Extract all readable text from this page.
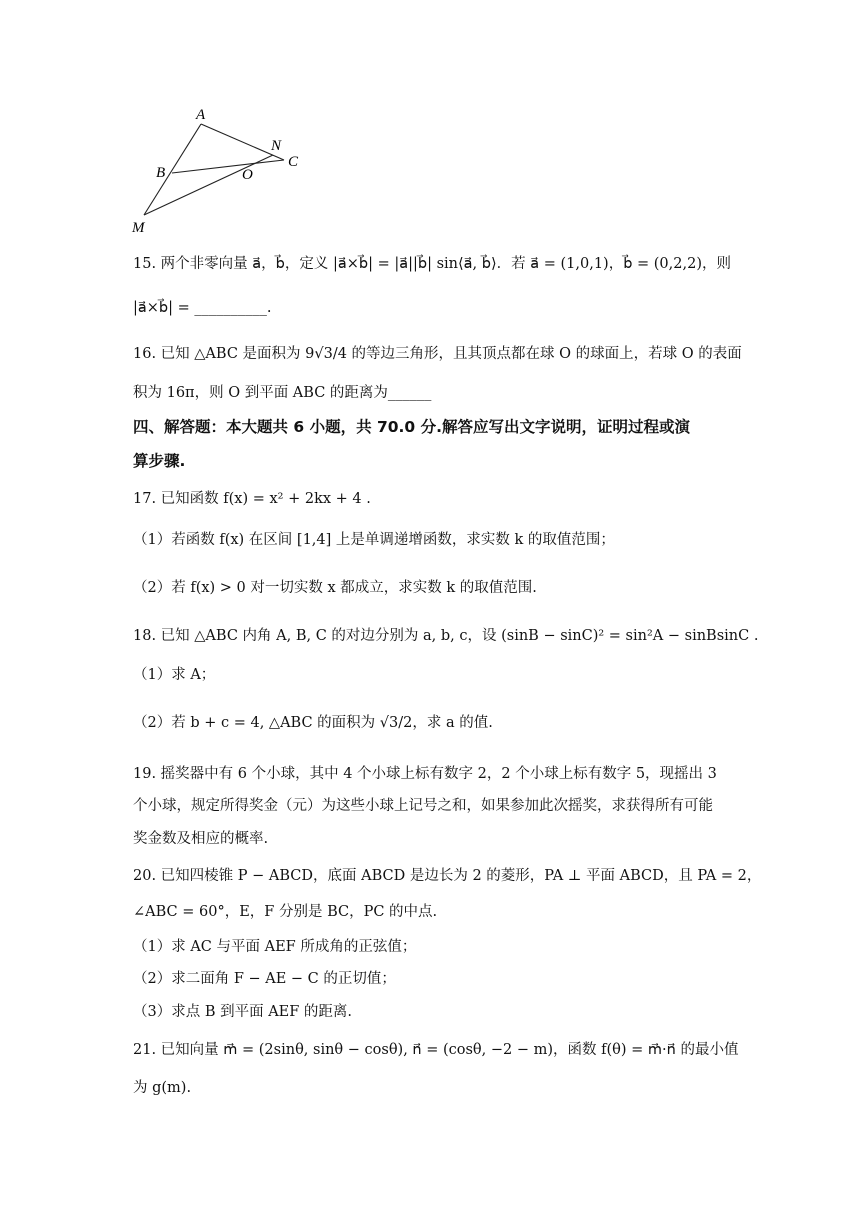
A
B
N
C
O
M
15. 两个非零向量 a⃗，b⃗，定义 |a⃗×b⃗| = |a⃗||b⃗| sin⟨a⃗, b⃗⟩．若 a⃗ = (1,0,1)，b⃗ = (0,2,2)，则
|a⃗×b⃗| = __________.
16. 已知 △ABC 是面积为 9√3/4 的等边三角形，且其顶点都在球 O 的球面上，若球 O 的表面
积为 16π，则 O 到平面 ABC 的距离为______
四、解答题：本大题共 6 小题，共 70.0 分.解答应写出文字说明，证明过程或演
算步骤.
17. 已知函数 f(x) = x² + 2kx + 4 .
（1）若函数 f(x) 在区间 [1,4] 上是单调递增函数，求实数 k 的取值范围；
（2）若 f(x) > 0 对一切实数 x 都成立，求实数 k 的取值范围.
18. 已知 △ABC 内角 A, B, C 的对边分别为 a, b, c，设 (sinB − sinC)² = sin²A − sinBsinC .
（1）求 A；
（2）若 b + c = 4, △ABC 的面积为 √3/2，求 a 的值.
19. 摇奖器中有 6 个小球，其中 4 个小球上标有数字 2，2 个小球上标有数字 5，现摇出 3
个小球，规定所得奖金（元）为这些小球上记号之和，如果参加此次摇奖，求获得所有可能
奖金数及相应的概率.
20. 已知四棱锥 P − ABCD，底面 ABCD 是边长为 2 的菱形，PA ⊥ 平面 ABCD，且 PA = 2，
∠ABC = 60°，E，F 分别是 BC，PC 的中点.
（1）求 AC 与平面 AEF 所成角的正弦值；
（2）求二面角 F − AE − C 的正切值；
（3）求点 B 到平面 AEF 的距离.
21. 已知向量 m⃗ = (2sinθ, sinθ − cosθ), n⃗ = (cosθ, −2 − m)，函数 f(θ) = m⃗·n⃗ 的最小值
为 g(m).
